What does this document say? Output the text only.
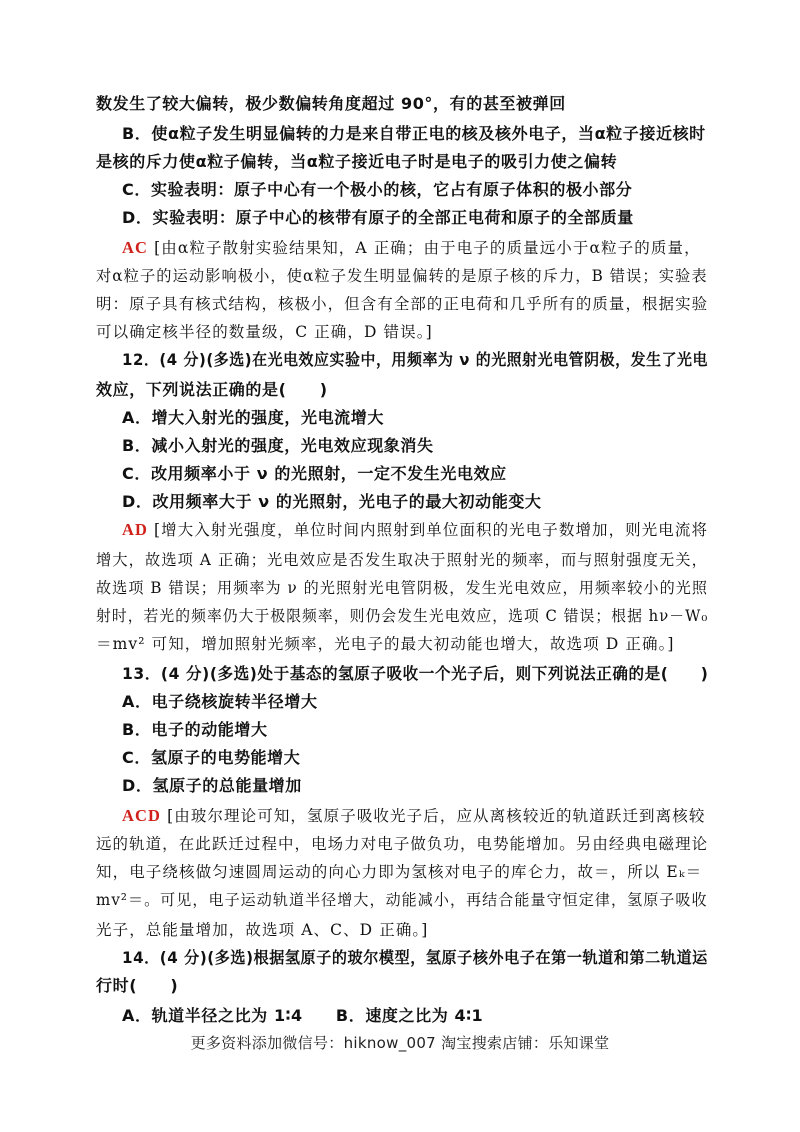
数发生了较大偏转，极少数偏转角度超过 90°，有的甚至被弹回
B．使α粒子发生明显偏转的力是来自带正电的核及核外电子，当α粒子接近核时
是核的斥力使α粒子偏转，当α粒子接近电子时是电子的吸引力使之偏转
C．实验表明：原子中心有一个极小的核，它占有原子体积的极小部分
D．实验表明：原子中心的核带有原子的全部正电荷和原子的全部质量
AC [由α粒子散射实验结果知，A 正确；由于电子的质量远小于α粒子的质量，
对α粒子的运动影响极小，使α粒子发生明显偏转的是原子核的斥力，B 错误；实验表
明：原子具有核式结构，核极小，但含有全部的正电荷和几乎所有的质量，根据实验
可以确定核半径的数量级，C 正确，D 错误。]
12．(4 分)(多选)在光电效应实验中，用频率为 ν 的光照射光电管阴极，发生了光电
效应，下列说法正确的是(　　)
A．增大入射光的强度，光电流增大
B．减小入射光的强度，光电效应现象消失
C．改用频率小于 ν 的光照射，一定不发生光电效应
D．改用频率大于 ν 的光照射，光电子的最大初动能变大
AD [增大入射光强度，单位时间内照射到单位面积的光电子数增加，则光电流将
增大，故选项 A 正确；光电效应是否发生取决于照射光的频率，而与照射强度无关，
故选项 B 错误；用频率为 ν 的光照射光电管阴极，发生光电效应，用频率较小的光照
射时，若光的频率仍大于极限频率，则仍会发生光电效应，选项 C 错误；根据 hν－W₀
＝mv² 可知，增加照射光频率，光电子的最大初动能也增大，故选项 D 正确。]
13．(4 分)(多选)处于基态的氢原子吸收一个光子后，则下列说法正确的是(　　)
A．电子绕核旋转半径增大
B．电子的动能增大
C．氢原子的电势能增大
D．氢原子的总能量增加
ACD [由玻尔理论可知，氢原子吸收光子后，应从离核较近的轨道跃迁到离核较
远的轨道，在此跃迁过程中，电场力对电子做负功，电势能增加。另由经典电磁理论
知，电子绕核做匀速圆周运动的向心力即为氢核对电子的库仑力，故＝，所以 Eₖ＝
mv²＝。可见，电子运动轨道半径增大，动能减小，再结合能量守恒定律，氢原子吸收
光子，总能量增加，故选项 A、C、D 正确。]
14．(4 分)(多选)根据氢原子的玻尔模型，氢原子核外电子在第一轨道和第二轨道运
行时(　　)
A．轨道半径之比为 1∶4　　B．速度之比为 4∶1
更多资料添加微信号：hiknow_007 淘宝搜索店铺：乐知课堂
